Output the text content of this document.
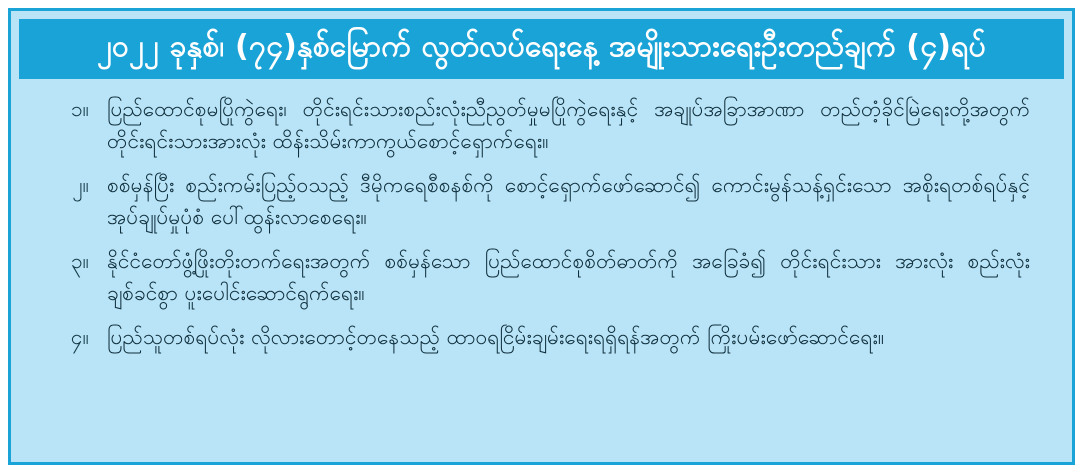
၂၀၂၂ ခုနှစ်၊ (၇၄)နှစ်မြောက် လွတ်လပ်ရေးနေ့ အမျိုးသားရေးဦးတည်ချက် (၄)ရပ်
၁။ ပြည်ထောင်စုမပြိုကွဲရေး၊ တိုင်းရင်းသားစည်းလုံးညီညွတ်မှုမပြိုကွဲရေးနှင့် အချုပ်အခြာအာဏာ တည်တံ့ခိုင်မြဲရေးတို့အတွက် တိုင်းရင်းသားအားလုံး ထိန်းသိမ်းကာကွယ်စောင့်ရှောက်ရေး။
၂။ စစ်မှန်ပြီး စည်းကမ်းပြည့်ဝသည့် ဒီမိုကရေစီစနစ်ကို စောင့်ရှောက်ဖော်ဆောင်၍ ကောင်းမွန်သန့်ရှင်းသော အစိုးရတစ်ရပ်နှင့် အုပ်ချုပ်မှုပုံစံ ပေါ်ထွန်းလာစေရေး။
၃။ နိုင်ငံတော်ဖွံ့ဖြိုးတိုးတက်ရေးအတွက် စစ်မှန်သော ပြည်ထောင်စုစိတ်ဓာတ်ကို အခြေခံ၍ တိုင်းရင်းသား အားလုံး စည်းလုံးချစ်ခင်စွာ ပူးပေါင်းဆောင်ရွက်ရေး။
၄။ ပြည်သူတစ်ရပ်လုံး လိုလားတောင့်တနေသည့် ထာဝရငြိမ်းချမ်းရေးရရှိရန်အတွက် ကြိုးပမ်းဖော်ဆောင်ရေး။
